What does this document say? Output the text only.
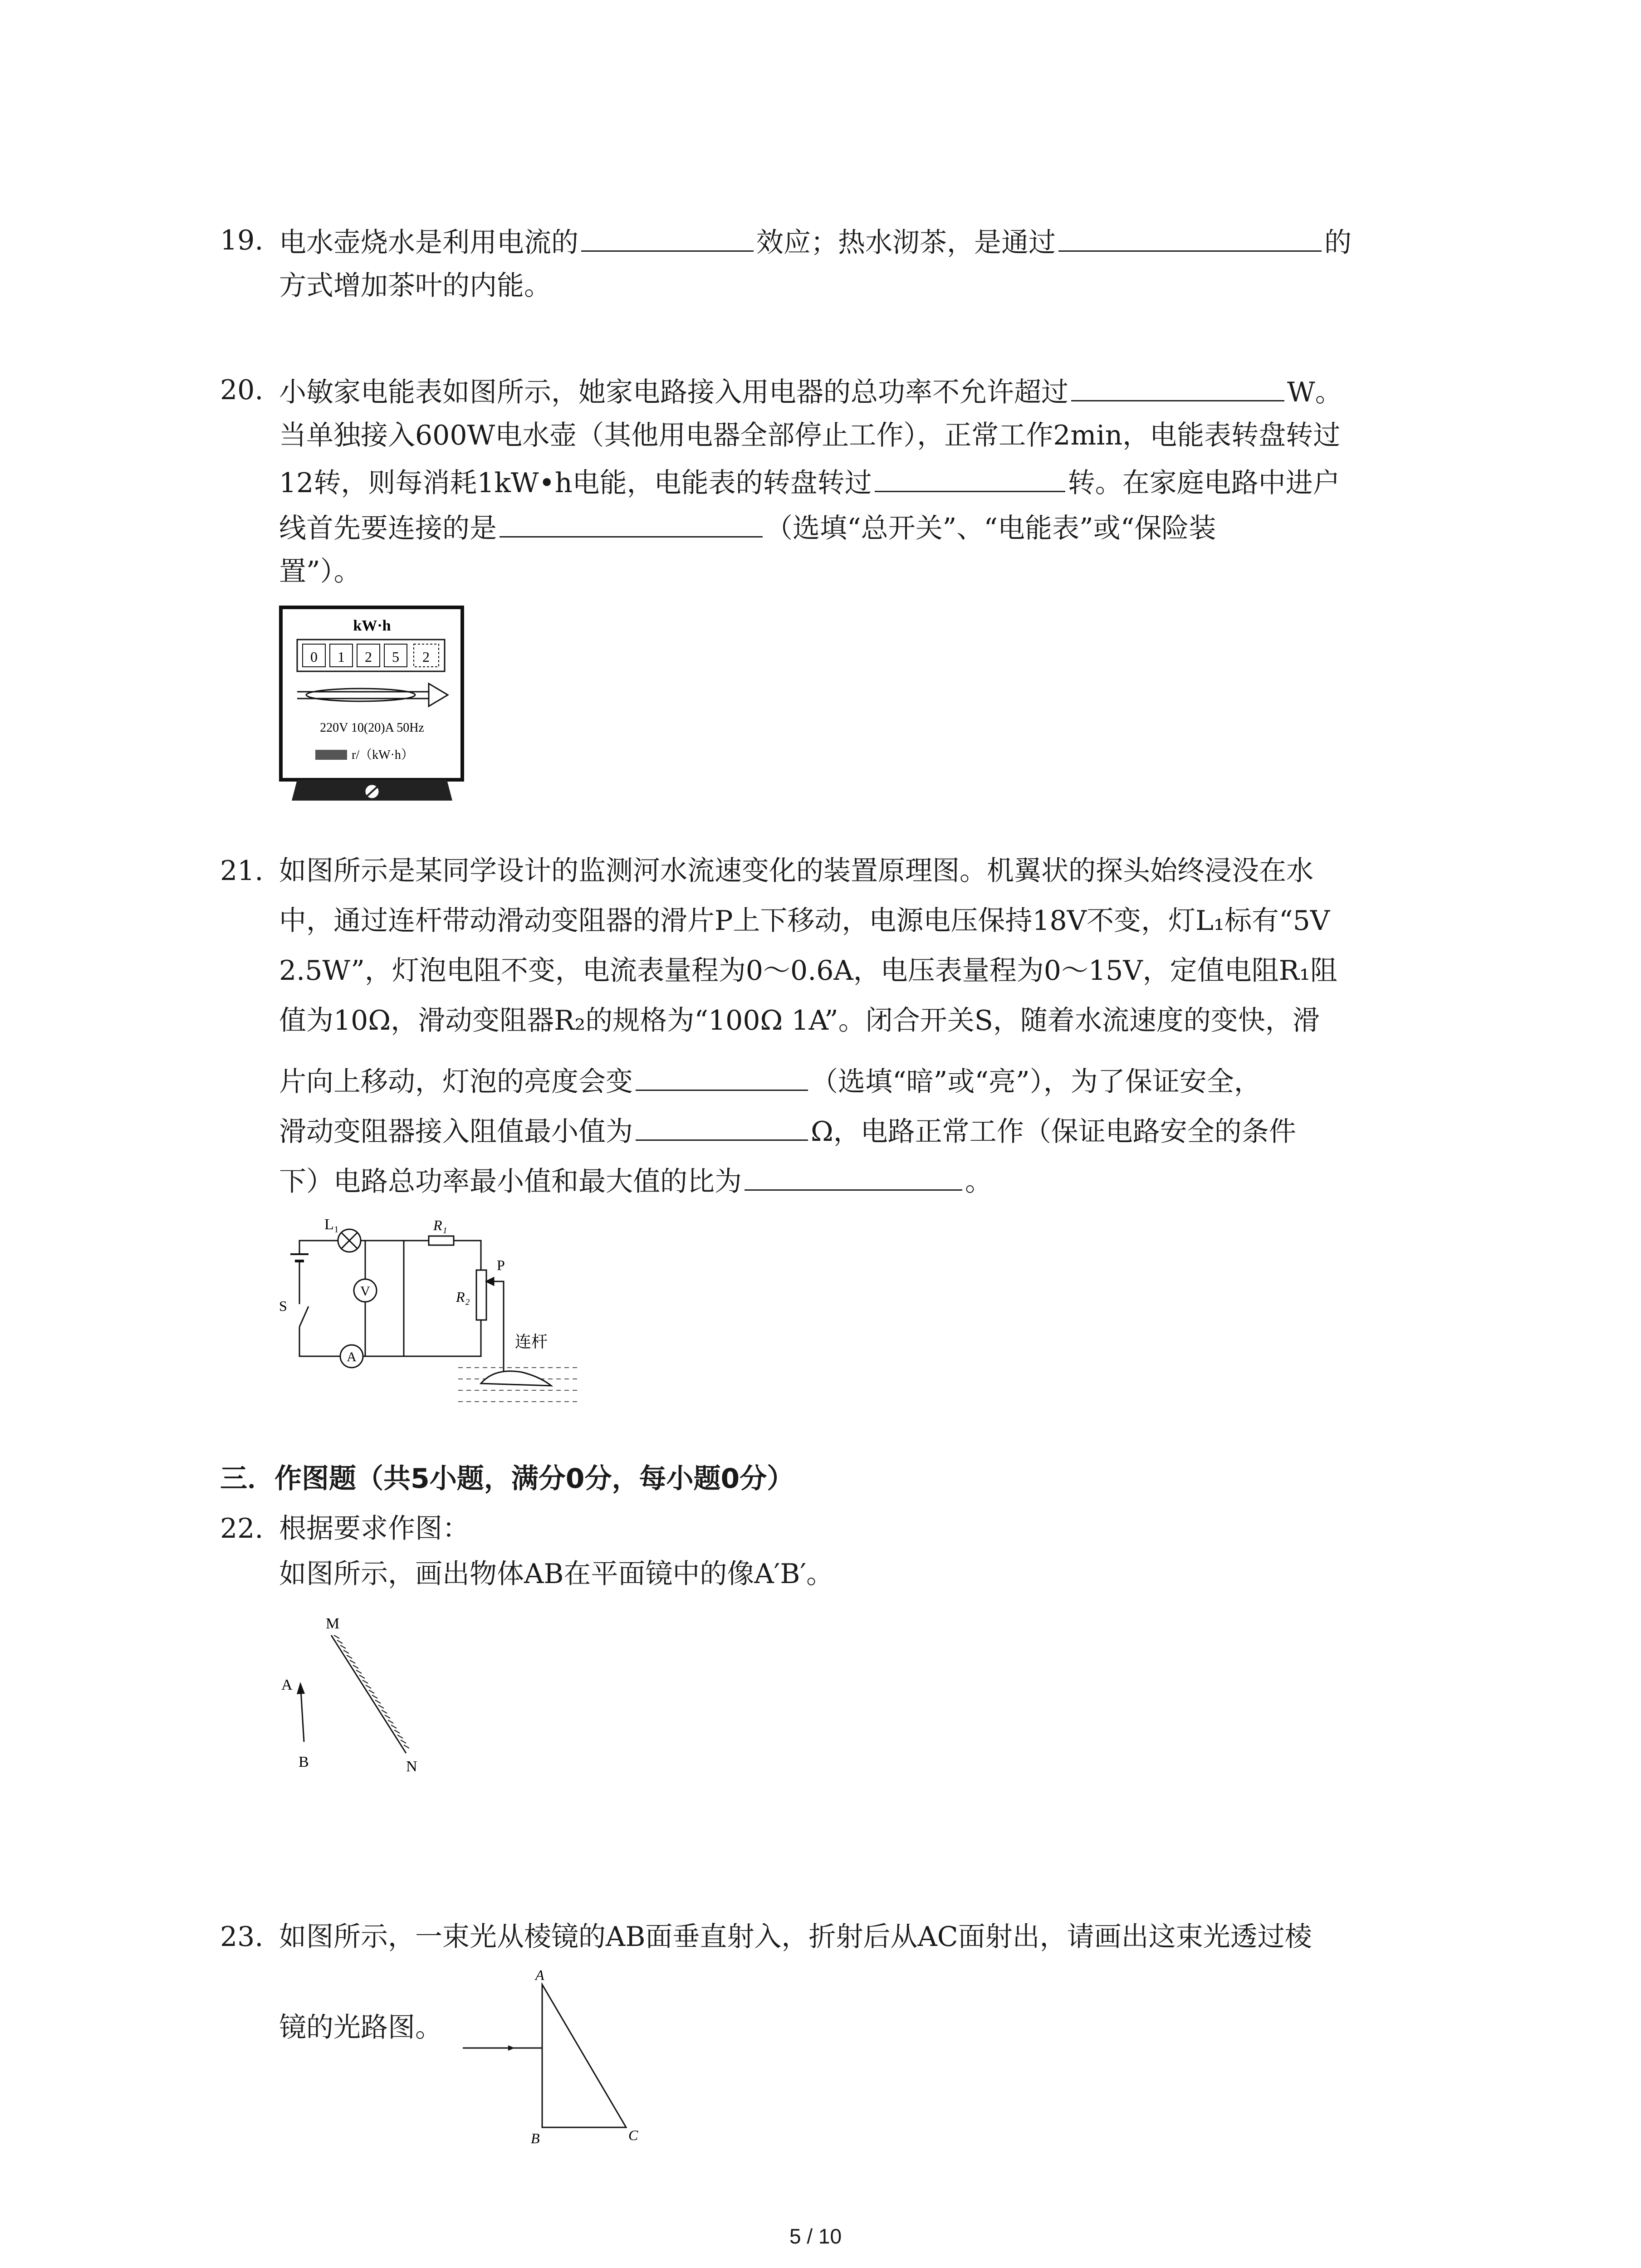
19. 电水壶烧水是利用电流的	效应；热水沏茶，是通过	的
方式增加茶叶的内能。
20. 小敏家电能表如图所示，她家电路接入用电器的总功率不允许超过	W。
当单独接入600W电水壶（其他用电器全部停止工作），正常工作2min，电能表转盘转过
12转，则每消耗1kW•h电能，电能表的转盘转过	转。在家庭电路中进户
线首先要连接的是	（选填“总开关”、“电能表”或“保险装
置”）。
kW·h
0 1 2 5 2
220V 10(20)A 50Hz
r/（kW·h）
21. 如图所示是某同学设计的监测河水流速变化的装置原理图。机翼状的探头始终浸没在水
中，通过连杆带动滑动变阻器的滑片P上下移动，电源电压保持18V不变，灯L₁标有“5V
2.5W”，灯泡电阻不变，电流表量程为0～0.6A，电压表量程为0～15V，定值电阻R₁阻
值为10Ω，滑动变阻器R₂的规格为“100Ω 1A”。闭合开关S，随着水流速度的变快，滑
片向上移动，灯泡的亮度会变	（选填“暗”或“亮”），为了保证安全，
滑动变阻器接入阻值最小值为	Ω，电路正常工作（保证电路安全的条件
下）电路总功率最小值和最大值的比为	。
L₁	R₁
R₂
P
V
A
S
连杆
三．作图题（共5小题，满分0分，每小题0分）
22. 根据要求作图：
如图所示，画出物体AB在平面镜中的像A′B′。
M
N
A
B
23. 如图所示，一束光从棱镜的AB面垂直射入，折射后从AC面射出，请画出这束光透过棱
镜的光路图。
A
B	C
5 / 10
